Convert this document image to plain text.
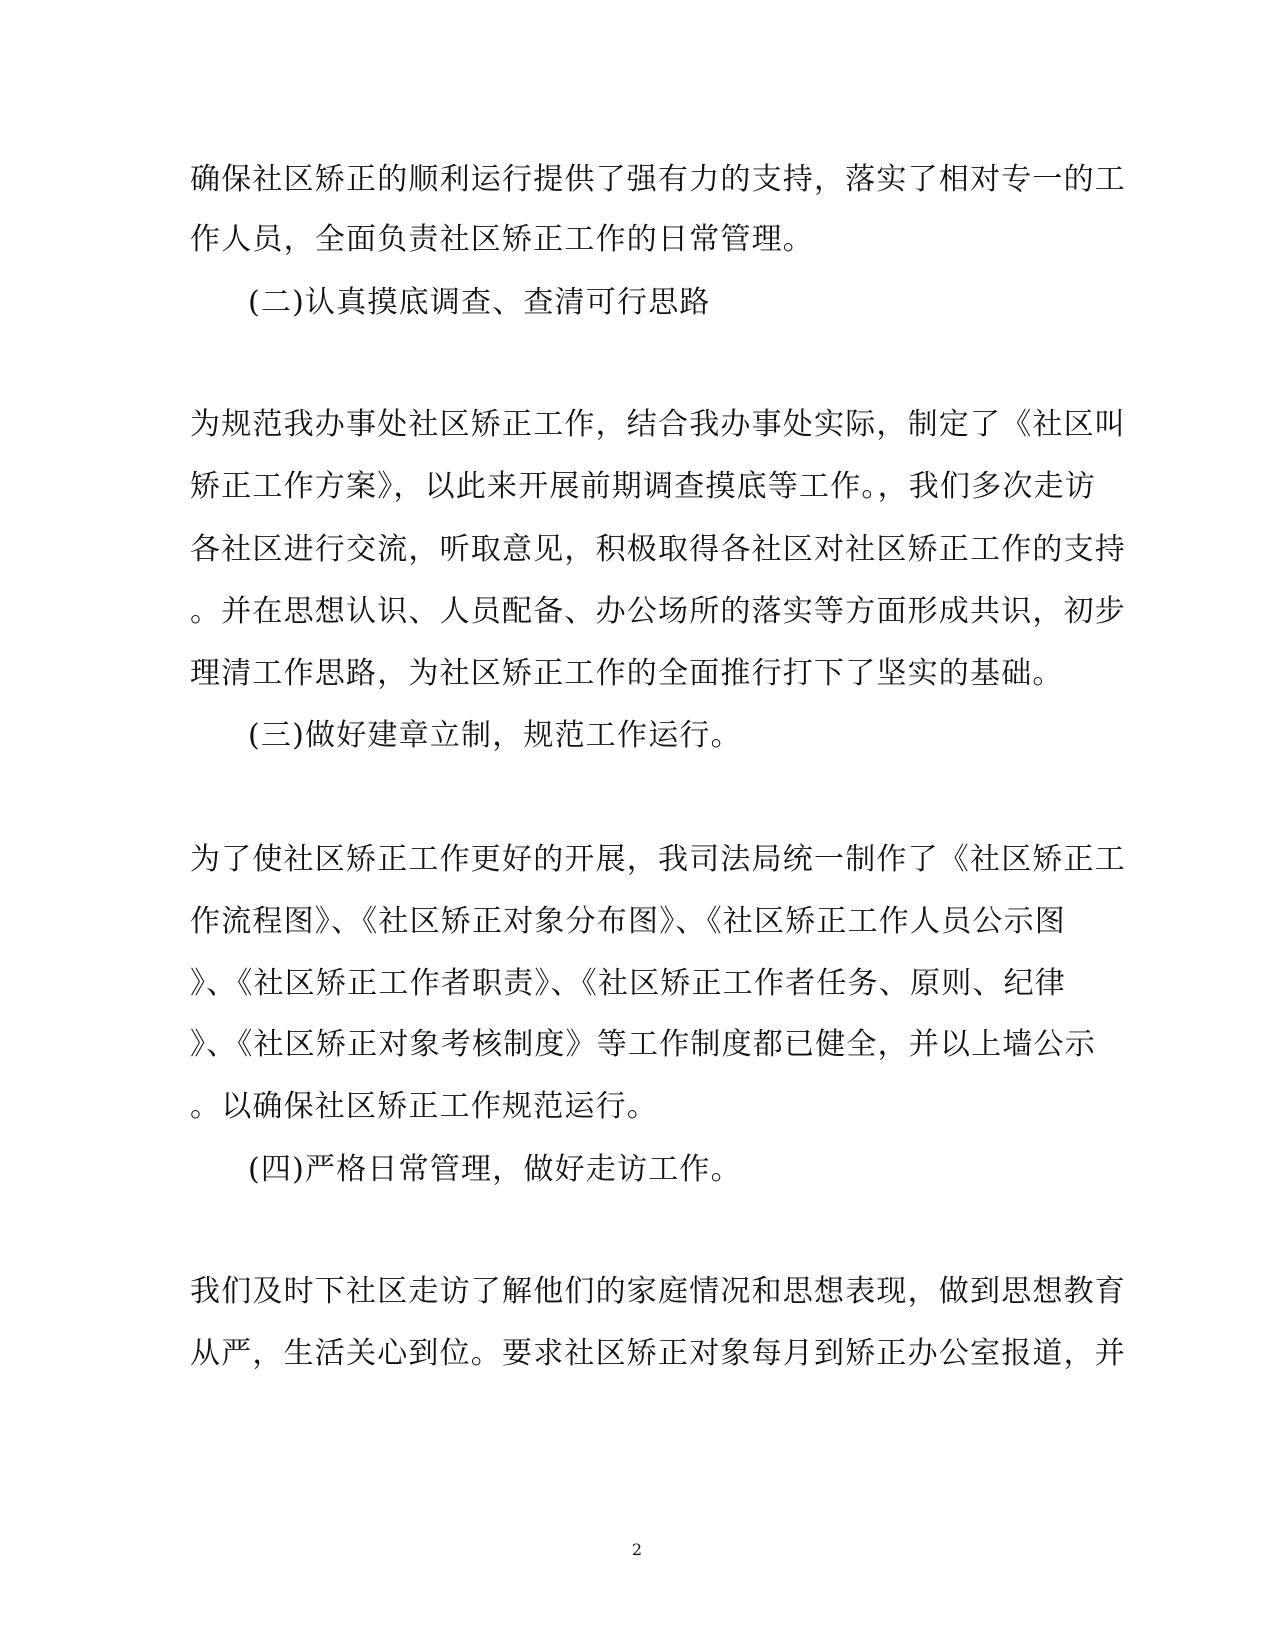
确保社区矫正的顺利运行提供了强有力的支持，落实了相对专一的工
作人员，全面负责社区矫正工作的日常管理。
(二)认真摸底调查、查清可行思路
为规范我办事处社区矫正工作，结合我办事处实际，制定了《社区叫
矫正工作方案》，以此来开展前期调查摸底等工作。，我们多次走访
各社区进行交流，听取意见，积极取得各社区对社区矫正工作的支持
。并在思想认识、人员配备、办公场所的落实等方面形成共识，初步
理清工作思路，为社区矫正工作的全面推行打下了坚实的基础。
(三)做好建章立制，规范工作运行。
为了使社区矫正工作更好的开展，我司法局统一制作了《社区矫正工
作流程图》、《社区矫正对象分布图》、《社区矫正工作人员公示图
》、《社区矫正工作者职责》、《社区矫正工作者任务、原则、纪律
》、《社区矫正对象考核制度》等工作制度都已健全，并以上墙公示
。以确保社区矫正工作规范运行。
(四)严格日常管理，做好走访工作。
我们及时下社区走访了解他们的家庭情况和思想表现，做到思想教育
从严，生活关心到位。要求社区矫正对象每月到矫正办公室报道，并
2
